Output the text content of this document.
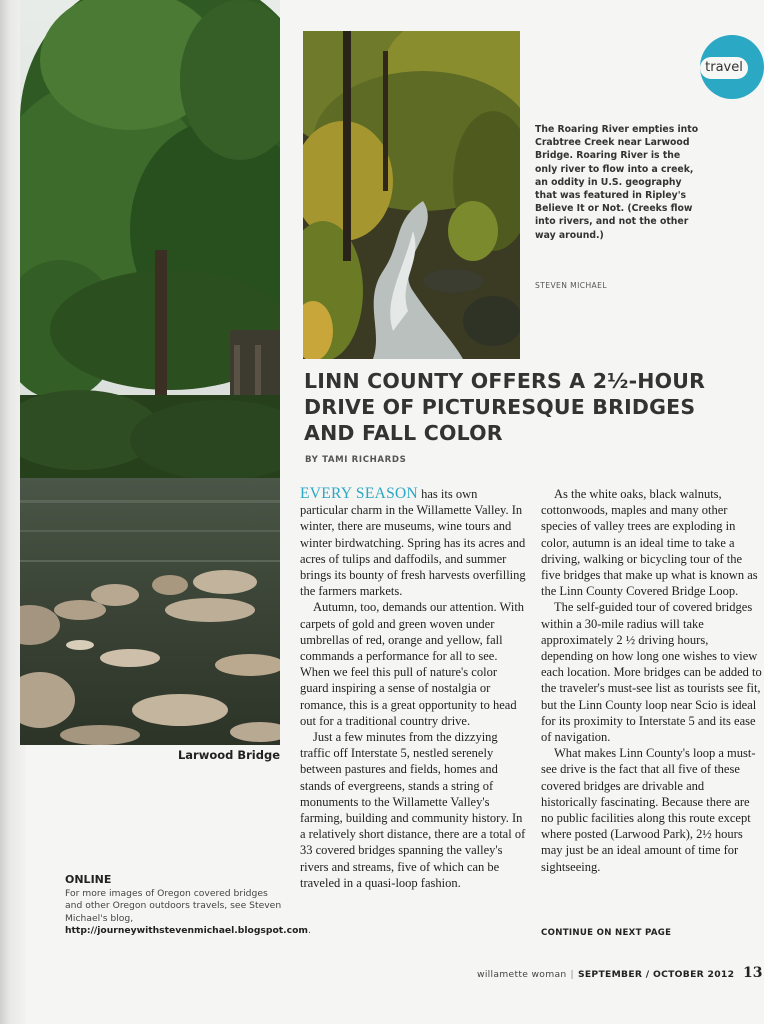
Larwood Bridge
The Roaring River empties into Crabtree Creek near Larwood Bridge. Roaring River is the only river to flow into a creek, an oddity in U.S. geography that was featured in Ripley's Believe It or Not. (Creeks flow into rivers, and not the other way around.)
STEVEN MICHAEL
travel
LINN COUNTY OFFERS A 2½-HOUR DRIVE OF PICTURESQUE BRIDGES AND FALL COLOR
BY TAMI RICHARDS

EVERY SEASON has its own particular charm in the Willamette Valley. In winter, there are museums, wine tours and winter birdwatching. Spring has its acres and acres of tulips and daffodils, and summer brings its bounty of fresh harvests overfilling the farmers markets.

Autumn, too, demands our attention. With carpets of gold and green woven under umbrellas of red, orange and yellow, fall commands a performance for all to see. When we feel this pull of nature's color guard inspiring a sense of nostalgia or romance, this is a great opportunity to head out for a traditional country drive.

Just a few minutes from the dizzying traffic off Interstate 5, nestled serenely between pastures and fields, homes and stands of evergreens, stands a string of monuments to the Willamette Valley's farming, building and community history. In a relatively short distance, there are a total of 33 covered bridges spanning the valley's rivers and streams, five of which can be traveled in a quasi-loop fashion.

As the white oaks, black walnuts, cottonwoods, maples and many other species of valley trees are exploding in color, autumn is an ideal time to take a driving, walking or bicycling tour of the five bridges that make up what is known as the Linn County Covered Bridge Loop.

The self-guided tour of covered bridges within a 30-mile radius will take approximately 2 ½ driving hours, depending on how long one wishes to view each location. More bridges can be added to the traveler's must-see list as tourists see fit, but the Linn County loop near Scio is ideal for its proximity to Interstate 5 and its ease of navigation.

What makes Linn County's loop a must-see drive is the fact that all five of these covered bridges are drivable and historically fascinating. Because there are no public facilities along this route except where posted (Larwood Park), 2½ hours may just be an ideal amount of time for sightseeing.

CONTINUE ON NEXT PAGE
ONLINE
For more images of Oregon covered bridges and other Oregon outdoors travels, see Steven Michael's blog, http://journeywithstevenmichael.blogspot.com.
willamette woman | SEPTEMBER / OCTOBER 2012 13
